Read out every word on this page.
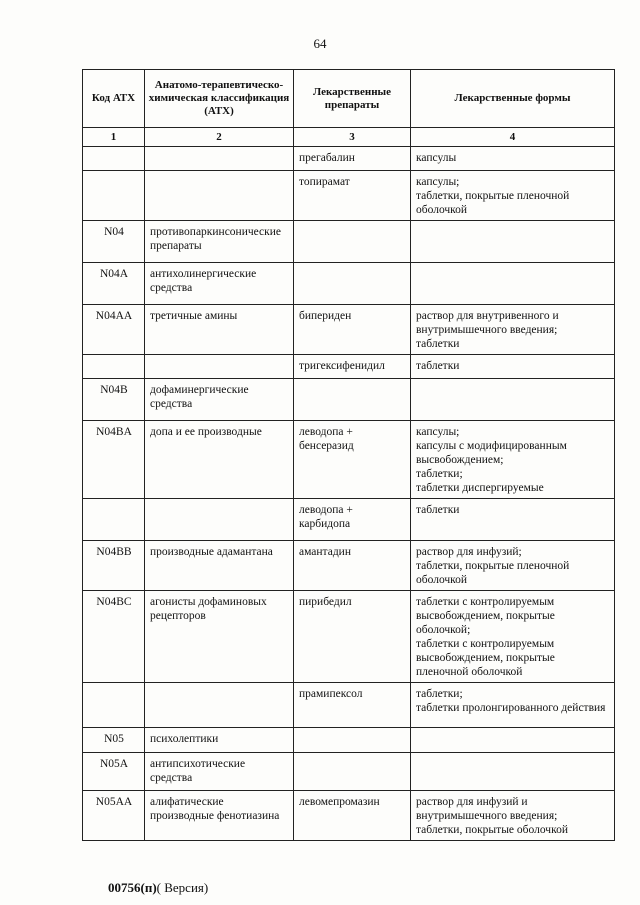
64
Код АТХ	Анатомо-терапевтическо-химическая классификация (АТХ)	Лекарственные препараты	Лекарственные формы
1	2	3	4
		прегабалин	капсулы
		топирамат	капсулы;
таблетки, покрытые пленочной оболочкой
N04	противопаркинсонические препараты		
N04A	антихолинергические средства		
N04AA	третичные амины	бипериден	раствор для внутривенного и внутримышечного введения;
таблетки
		тригексифенидил	таблетки
N04B	дофаминергические средства		
N04BA	допа и ее производные	леводопа + бенсеразид	капсулы;
капсулы с модифицированным высвобождением;
таблетки;
таблетки диспергируемые
		леводопа + карбидопа	таблетки
N04BB	производные адамантана	амантадин	раствор для инфузий;
таблетки, покрытые пленочной оболочкой
N04BC	агонисты дофаминовых рецепторов	пирибедил	таблетки с контролируемым высвобождением, покрытые оболочкой;
таблетки с контролируемым высвобождением, покрытые пленочной оболочкой
		прамипексол	таблетки;
таблетки пролонгированного действия
N05	психолептики		
N05A	антипсихотические средства		
N05AA	алифатические производные фенотиазина	левомепромазин	раствор для инфузий и внутримышечного введения;
таблетки, покрытые оболочкой
00756(п)( Версия)
